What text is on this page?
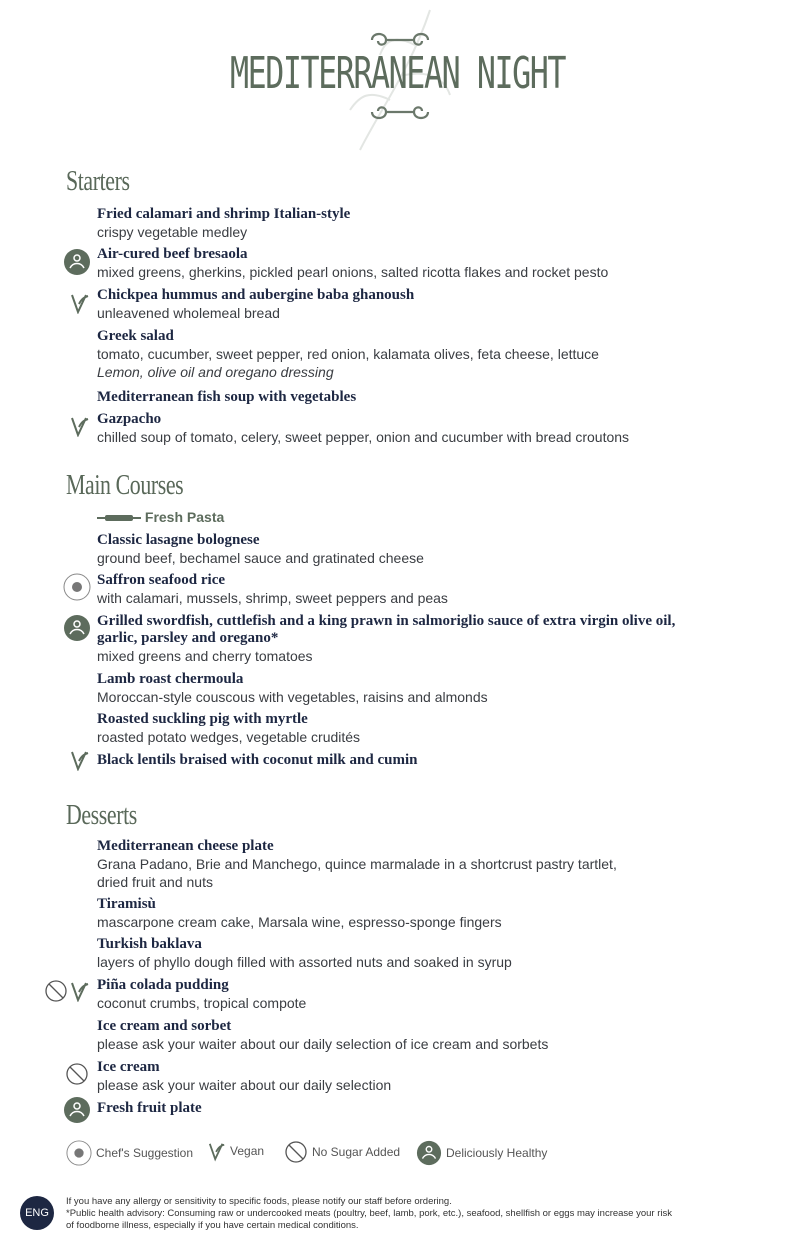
MEDITERRANEAN NIGHT
Starters
Fried calamari and shrimp Italian-style
crispy vegetable medley
Air-cured beef bresaola
mixed greens, gherkins, pickled pearl onions, salted ricotta flakes and rocket pesto
Chickpea hummus and aubergine baba ghanoush
unleavened wholemeal bread
Greek salad
tomato, cucumber, sweet pepper, red onion, kalamata olives, feta cheese, lettuce
Lemon, olive oil and oregano dressing
Mediterranean fish soup with vegetables
Gazpacho
chilled soup of tomato, celery, sweet pepper, onion and cucumber with bread croutons
Main Courses
Fresh Pasta
Classic lasagne bolognese
ground beef, bechamel sauce and gratinated cheese
Saffron seafood rice
with calamari, mussels, shrimp, sweet peppers and peas
Grilled swordfish, cuttlefish and a king prawn in salmoriglio sauce of extra virgin olive oil,
garlic, parsley and oregano*
mixed greens and cherry tomatoes
Lamb roast chermoula
Moroccan-style couscous with vegetables, raisins and almonds
Roasted suckling pig with myrtle
roasted potato wedges, vegetable crudités
Black lentils braised with coconut milk and cumin
Desserts
Mediterranean cheese plate
Grana Padano, Brie and Manchego, quince marmalade in a shortcrust pastry tartlet,
dried fruit and nuts
Tiramisù
mascarpone cream cake, Marsala wine, espresso-sponge fingers
Turkish baklava
layers of phyllo dough filled with assorted nuts and soaked in syrup
Piña colada pudding
coconut crumbs, tropical compote
Ice cream and sorbet
please ask your waiter about our daily selection of ice cream and sorbets
Ice cream
please ask your waiter about our daily selection
Fresh fruit plate
Chef's Suggestion	Vegan	No Sugar Added	Deliciously Healthy
ENG
If you have any allergy or sensitivity to specific foods, please notify our staff before ordering.
*Public health advisory: Consuming raw or undercooked meats (poultry, beef, lamb, pork, etc.), seafood, shellfish or eggs may increase your risk
of foodborne illness, especially if you have certain medical conditions.
